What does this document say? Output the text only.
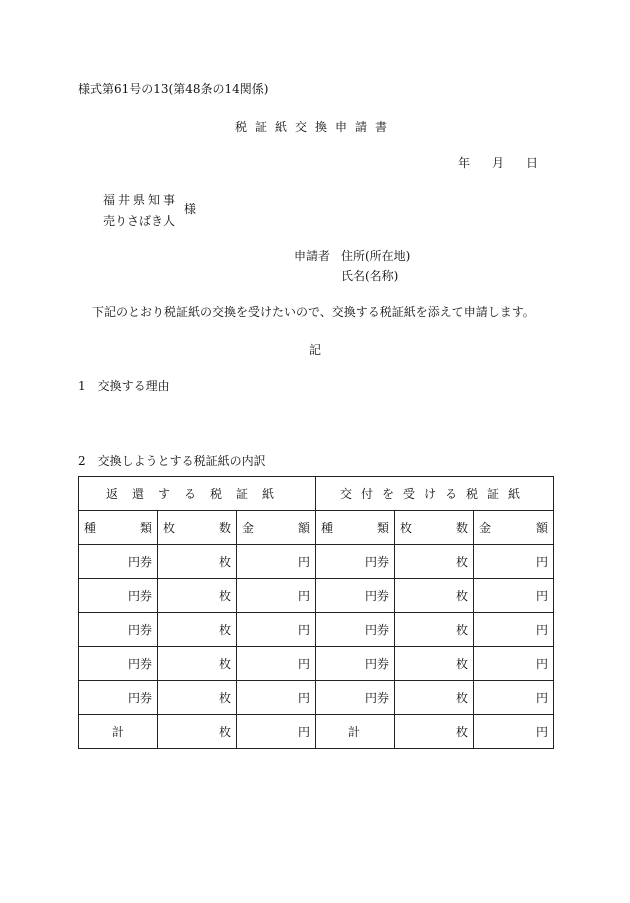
様式第61号の13(第48条の14関係)
税証紙交換申請書
年 月 日
福井県知事
売りさばき人
様
申請者 住所(所在地)
氏名(名称)
下記のとおり税証紙の交換を受けたいので、交換する税証紙を添えて申請します。
記
1　交換する理由
2　交換しようとする税証紙の内訳
返還する税証紙			交付を受ける税証紙		

種 類	枚 数	金 額	種 類	枚 数	金 額

円券	枚	円	円券	枚	円
円券	枚	円	円券	枚	円
円券	枚	円	円券	枚	円
円券	枚	円	円券	枚	円
円券	枚	円	円券	枚	円
計	枚	円	計	枚	円
